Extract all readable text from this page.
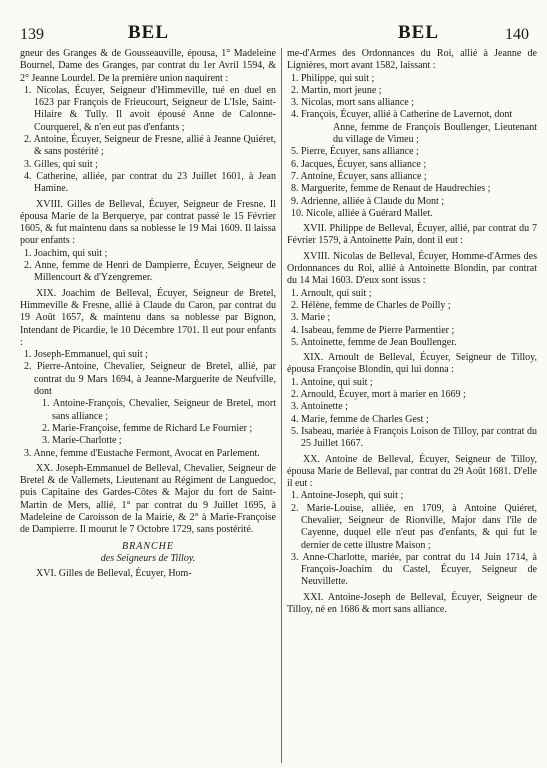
139	BEL	BEL	140

gneur des Granges & de Gousseauville, épousa, 1° Madeleine Bournel, Dame des Granges, par contrat du 1er Avril 1594, & 2° Jeanne Lourdel. De la première union naquirent :

1. Nicolas, Écuyer, Seigneur d'Himmeville, tué en duel en 1623 par François de Frieucourt, Seigneur de L'Isle, Saint-Hilaire & Tully. Il avoit épousé Anne de Calonne-Courquerel, & n'en eut pas d'enfants ;

2. Antoine, Écuyer, Seigneur de Fresne, allié à Jeanne Quiéret, & sans postérité ;

3. Gilles, qui suit ;

4. Catherine, alliée, par contrat du 23 Juillet 1601, à Jean Hamine.

XVIII. Gilles de Belleval, Écuyer, Seigneur de Fresne. Il épousa Marie de la Berquerye, par contrat passé le 15 Février 1605, & fut maintenu dans sa noblesse le 19 Mai 1609. Il laissa pour enfants :

1. Joachim, qui suit ;

2. Anne, femme de Henri de Dampierre, Écuyer, Seigneur de Millencourt & d'Yzengremer.

XIX. Joachim de Belleval, Écuyer, Seigneur de Bretel, Himmeville & Fresne, allié à Claude du Caron, par contrat du 19 Août 1657, & maintenu dans sa noblesse par Bignon, Intendant de Picardie, le 10 Décembre 1701. Il eut pour enfants :

1. Joseph-Emmanuel, qui suit ;

2. Pierre-Antoine, Chevalier, Seigneur de Bretel, allié, par contrat du 9 Mars 1694, à Jeanne-Marguerite de Neufville, dont

1. Antoine-François, Chevalier, Seigneur de Bretel, mort sans alliance ;

2. Marie-Françoise, femme de Richard Le Fournier ;

3. Marie-Charlotte ;

3. Anne, femme d'Eustache Fermont, Avocat en Parlement.

XX. Joseph-Emmanuel de Belleval, Chevalier, Seigneur de Bretel & de Vallemets, Lieutenant au Régiment de Languedoc, puis Capitaine des Gardes-Côtes & Major du fort de Saint-Martin de Mers, allié, 1° par contrat du 9 Juillet 1695, à Madeleine de Caroisson de la Mairie, & 2° à Marie-Françoise de Dampierre. Il mourut le 7 Octobre 1729, sans postérité.

BRANCHE

des Seigneurs de Tilloy.

XVI. Gilles de Belleval, Écuyer, Hom-

me-d'Armes des Ordonnances du Roi, allié à Jeanne de Lignières, mort avant 1582, laissant :

1. Philippe, qui suit ;

2. Martin, mort jeune ;

3. Nicolas, mort sans alliance ;

4. François, Écuyer, allié à Catherine de Lavernot, dont

Anne, femme de François Boullenger, Lieutenant du village de Vimeu ;

5. Pierre, Écuyer, sans alliance ;

6. Jacques, Écuyer, sans alliance ;

7. Antoine, Écuyer, sans alliance ;

8. Marguerite, femme de Renaut de Haudrechies ;

9. Adrienne, alliée à Claude du Mont ;

10. Nicole, alliée à Guérard Mallet.

XVII. Philippe de Belleval, Écuyer, allié, par contrat du 7 Février 1579, à Antoinette Pain, dont il eut :

XVIII. Nicolas de Belleval, Écuyer, Homme-d'Armes des Ordonnances du Roi, allié à Antoinette Blondin, par contrat du 14 Mai 1603. D'eux sont issus :

1. Arnoult, qui suit ;

2. Hélène, femme de Charles de Poilly ;

3. Marie ;

4. Isabeau, femme de Pierre Parmentier ;

5. Antoinette, femme de Jean Boullenger.

XIX. Arnoult de Belleval, Écuyer, Seigneur de Tilloy, épousa Françoise Blondin, qui lui donna :

1. Antoine, qui suit ;

2. Arnould, Écuyer, mort à marier en 1669 ;

3. Antoinette ;

4. Marie, femme de Charles Gest ;

5. Isabeau, mariée à François Loison de Tilloy, par contrat du 25 Juillet 1667.

XX. Antoine de Belleval, Écuyer, Seigneur de Tilloy, épousa Marie de Belleval, par contrat du 29 Août 1681. D'elle il eut :

1. Antoine-Joseph, qui suit ;

2. Marie-Louise, alliée, en 1709, à Antoine Quiéret, Chevalier, Seigneur de Rionville, Major dans l'île de Cayenne, duquel elle n'eut pas d'enfants, & qui fut le dernier de cette illustre Maison ;

3. Anne-Charlotte, mariée, par contrat du 14 Juin 1714, à François-Joachim du Castel, Écuyer, Seigneur de Neuvillette.

XXI. Antoine-Joseph de Belleval, Écuyer, Seigneur de Tilloy, né en 1686 & mort sans alliance.
